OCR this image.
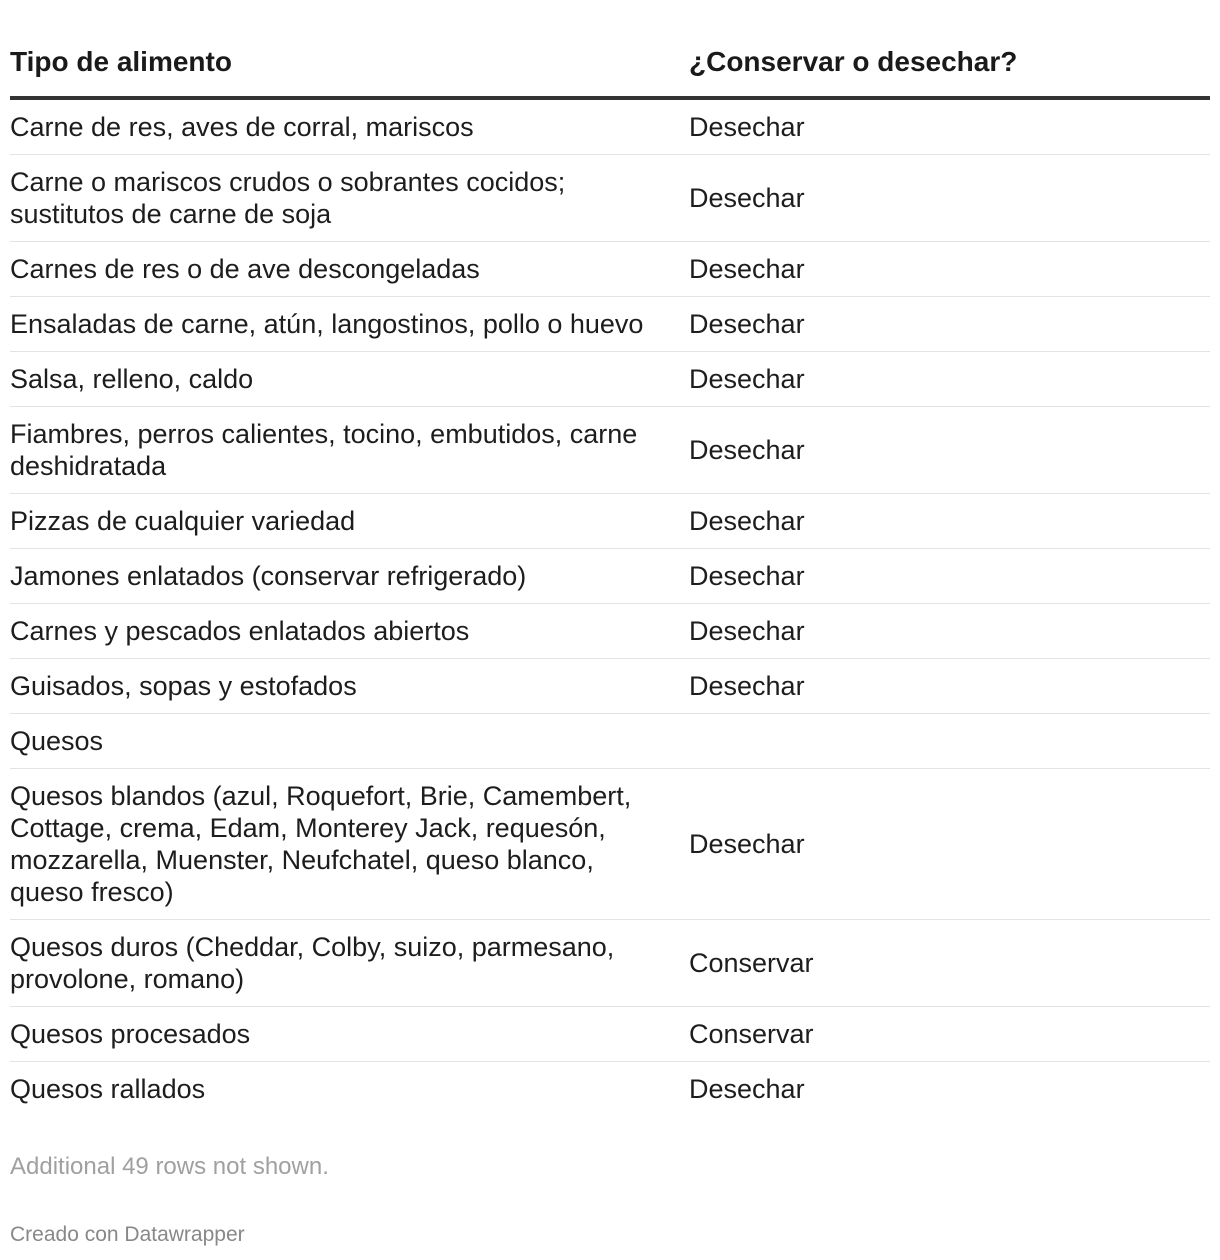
Tipo de alimento	¿Conservar o desechar?
Carne de res, aves de corral, mariscos	Desechar
Carne o mariscos crudos o sobrantes cocidos; sustitutos de carne de soja	Desechar
Carnes de res o de ave descongeladas	Desechar
Ensaladas de carne, atún, langostinos, pollo o huevo	Desechar
Salsa, relleno, caldo	Desechar
Fiambres, perros calientes, tocino, embutidos, carne deshidratada	Desechar
Pizzas de cualquier variedad	Desechar
Jamones enlatados (conservar refrigerado)	Desechar
Carnes y pescados enlatados abiertos	Desechar
Guisados, sopas y estofados	Desechar
Quesos	
Quesos blandos (azul, Roquefort, Brie, Camembert, Cottage, crema, Edam, Monterey Jack, requesón, mozzarella, Muenster, Neufchatel, queso blanco, queso fresco)	Desechar
Quesos duros (Cheddar, Colby, suizo, parmesano, provolone, romano)	Conservar
Quesos procesados	Conservar
Quesos rallados	Desechar
Additional 49 rows not shown.
Creado con Datawrapper
